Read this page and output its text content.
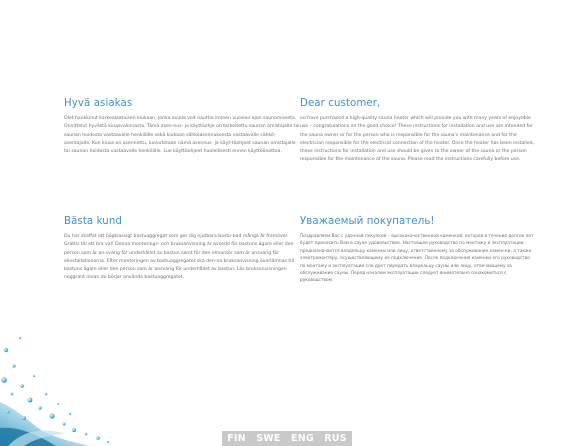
Hyvä asiakas

Olet hankkinut korkealaatuisen kiukaan, jonka avulla voit nauttia immen vuosien ajan saunomisesta. Onnittelut hyvästä kiuasvalinnasta. Tämä asen-nus- ja käyttöohje on tarkoitettu saunan omistajalle tai saunan hoidosta vastaavalle henkilölle sekä kiukaan sähköasennuksesta vastaavalle sähkö-asentajalle. Kun kiuas on asennettu, luovutetaan nämä asennus- ja käyt-töohjeet saunan omistajalle tai saunan hoidosta vastaavalle henkilölle. Lue käyttöohjeet huolellisesti ennen käyttöönottoa.

Dear customer,

ou have purchased a high-quality sauna heater which will provide you with many years of enjoyable use – congratulations on the good choice! These instructions for installation and use are intended for the sauna owner or for the person who is responsible for the sauna's maintenance and for the electrician responsible for the electrical connection of the heater. Once the heater has been installed, these instructions for installation and use should be given to the owner of the sauna or the person responsible for the maintenance of the sauna. Please read the instructions carefully before use.

Bästa kund

Du har skaffat ett högklassigt bastuaggregat som ger dig njutbara bastu-bad många år framöver. Grattis till ett bra val! Denna monterings- och bruksanvisning är avsedd för bastuns ägare eller den person som är an-svarig för underhållet av bastun samt för den elmontör som är ansvarig för elinstallationerna. Efter monteringen av bastuaggregatet ska den-na bruksanvisning överlämnas till bastuns ägare eller den person som är ansvarig för underhållet av bastun. Läs bruksanvisningen noggrant innan du börjar använda bastuaggregatet.

Уважаемый покупатель!

Поздравляем Вас с удачной покупкой – высококачественной каменкой, которая в течение долгих лет будет приносить Вам в сауне удовольствие. Настоящее руководство по монтажу и эксплуатации предназначается владельцу каменки или лицу, ответственному за обслуживание камен-ки, а также электромонтеру, осуществляющему ее подключение. После подключения каменки его руководство по монтажу и эксплуатации сле-дует передать владельцу сауны или лицу, отвечающему за обслуживание сауны. Перед началом эксплуатации следует внимательно ознакомиться с руководством.

FIN SWE ENG RUS
